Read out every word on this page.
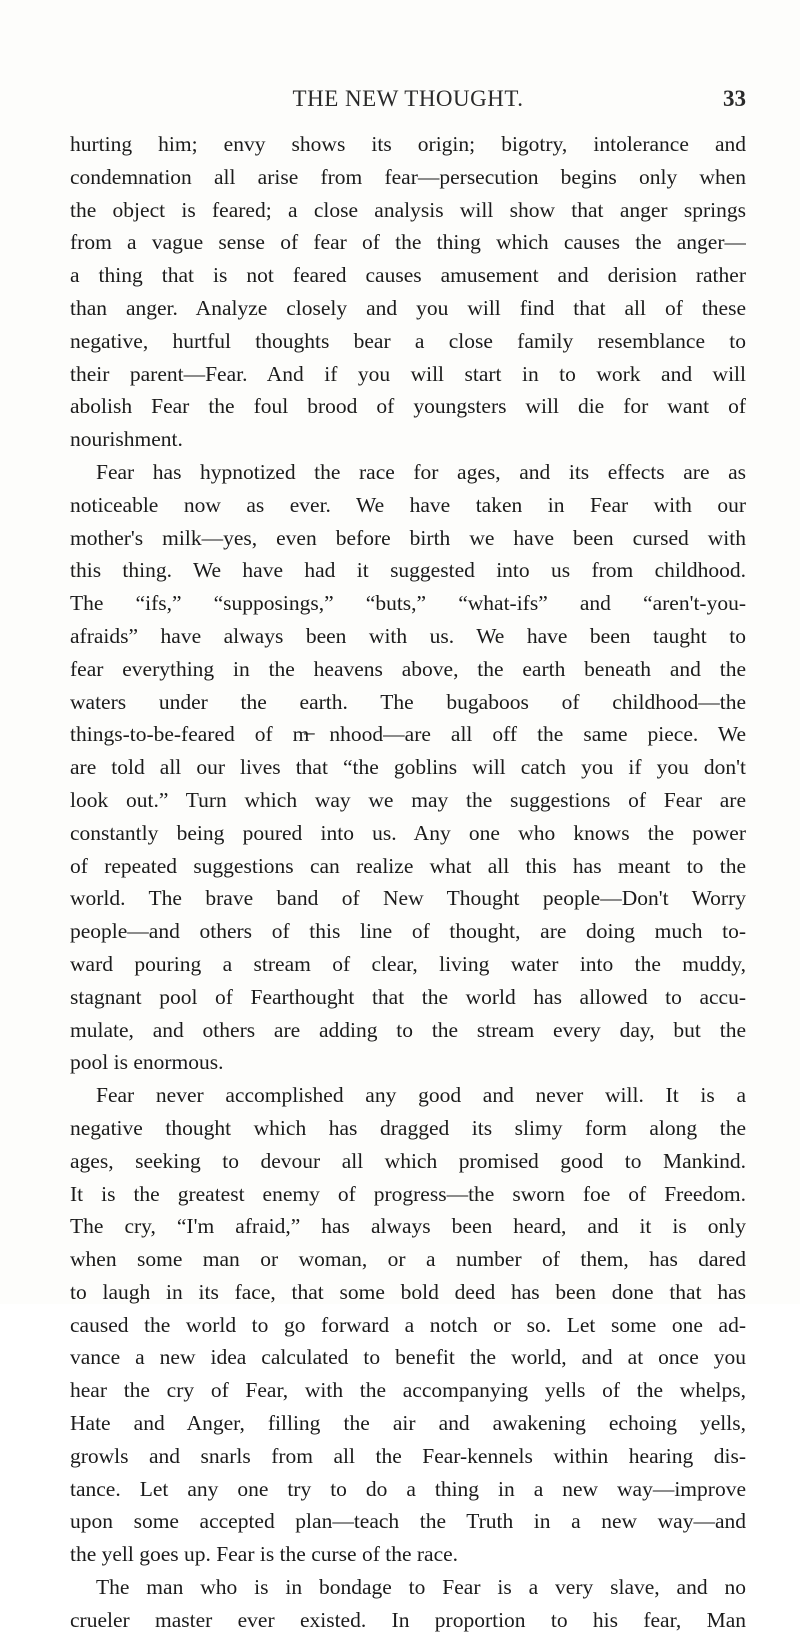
THE NEW THOUGHT.	33
hurting him; envy shows its origin; bigotry, intolerance and
condemnation all arise from fear—persecution begins only when
the object is feared; a close analysis will show that anger springs
from a vague sense of fear of the thing which causes the anger—
a thing that is not feared causes amusement and derision rather
than anger. Analyze closely and you will find that all of these
negative, hurtful thoughts bear a close family resemblance to
their parent—Fear. And if you will start in to work and will
abolish Fear the foul brood of youngsters will die for want of
nourishment.
Fear has hypnotized the race for ages, and its effects are as
noticeable now as ever. We have taken in Fear with our
mother's milk—yes, even before birth we have been cursed with
this thing. We have had it suggested into us from childhood.
The “ifs,” “supposings,” “buts,” “what-ifs” and “aren't-you-
afraids” have always been with us. We have been taught to
fear everything in the heavens above, the earth beneath and the
waters under the earth. The bugaboos of childhood—the
things-to-be-feared of m̶ nhood—are all off the same piece. We
are told all our lives that “the goblins will catch you if you don't
look out.” Turn which way we may the suggestions of Fear are
constantly being poured into us. Any one who knows the power
of repeated suggestions can realize what all this has meant to the
world. The brave band of New Thought people—Don't Worry
people—and others of this line of thought, are doing much to-
ward pouring a stream of clear, living water into the muddy,
stagnant pool of Fearthought that the world has allowed to accu-
mulate, and others are adding to the stream every day, but the
pool is enormous.
Fear never accomplished any good and never will. It is a
negative thought which has dragged its slimy form along the
ages, seeking to devour all which promised good to Mankind.
It is the greatest enemy of progress—the sworn foe of Freedom.
The cry, “I'm afraid,” has always been heard, and it is only
when some man or woman, or a number of them, has dared
to laugh in its face, that some bold deed has been done that has
caused the world to go forward a notch or so. Let some one ad-
vance a new idea calculated to benefit the world, and at once you
hear the cry of Fear, with the accompanying yells of the whelps,
Hate and Anger, filling the air and awakening echoing yells,
growls and snarls from all the Fear-kennels within hearing dis-
tance. Let any one try to do a thing in a new way—improve
upon some accepted plan—teach the Truth in a new way—and
the yell goes up. Fear is the curse of the race.
The man who is in bondage to Fear is a very slave, and no
crueler master ever existed. In proportion to his fear, Man
